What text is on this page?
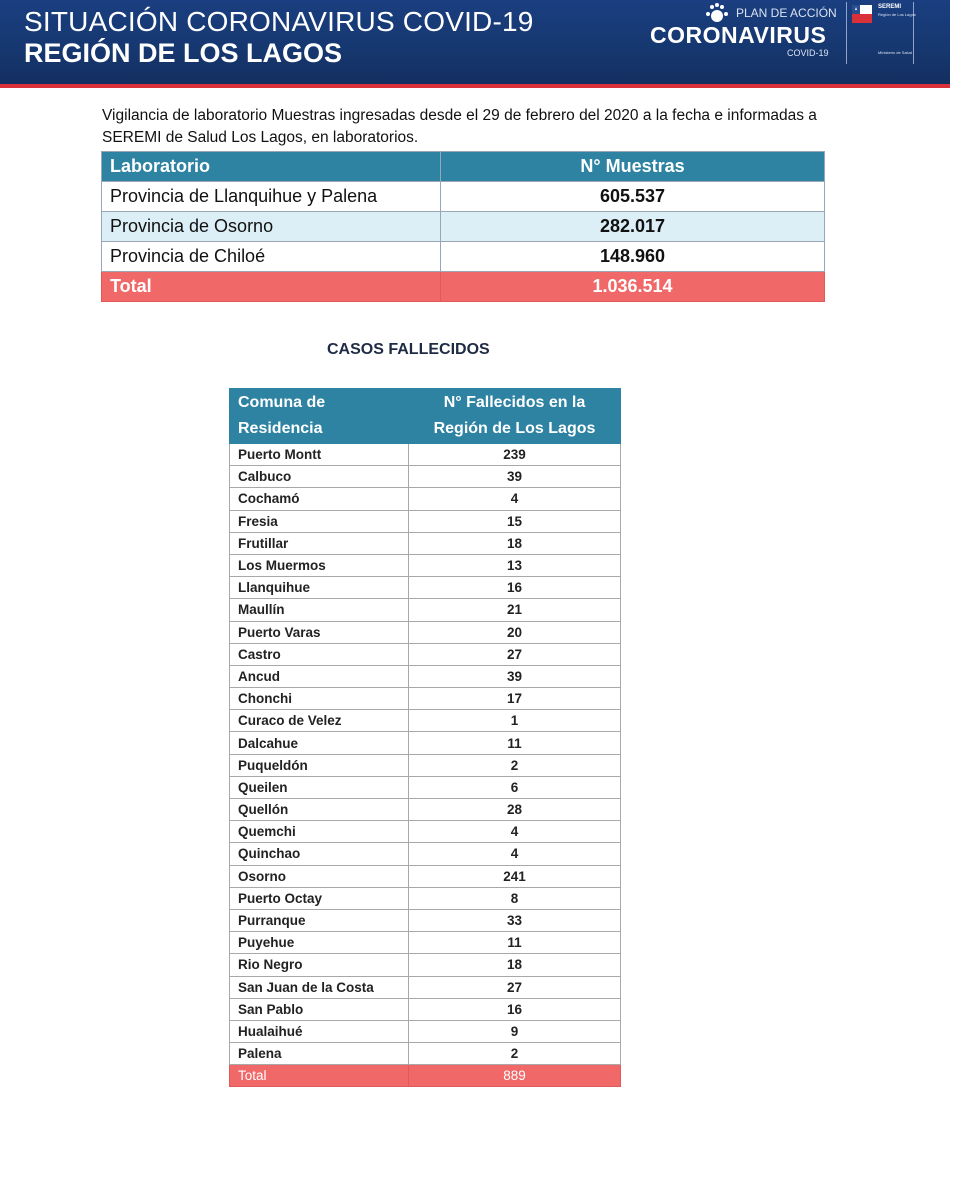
SITUACIÓN CORONAVIRUS COVID-19
REGIÓN DE LOS LAGOS
PLAN DE ACCIÓN
CORONAVIRUS
COVID-19
SEREMI
Región de Los Lagos
Ministerio de Salud
Vigilancia de laboratorio Muestras ingresadas desde el 29 de febrero del 2020 a la fecha e informadas a
SEREMI de Salud Los Lagos, en laboratorios.
Laboratorio	N° Muestras
Provincia de Llanquihue y Palena	605.537
Provincia de Osorno	282.017
Provincia de Chiloé	148.960
Total	1.036.514
CASOS FALLECIDOS
Comuna de
Residencia	N° Fallecidos en la
Región de Los Lagos
Puerto Montt	239
Calbuco	39
Cochamó	4
Fresia	15
Frutillar	18
Los Muermos	13
Llanquihue	16
Maullín	21
Puerto Varas	20
Castro	27
Ancud	39
Chonchi	17
Curaco de Velez	1
Dalcahue	11
Puqueldón	2
Queilen	6
Quellón	28
Quemchi	4
Quinchao	4
Osorno	241
Puerto Octay	8
Purranque	33
Puyehue	11
Rio Negro	18
San Juan de la Costa	27
San Pablo	16
Hualaihué	9
Palena	2
Total	889
